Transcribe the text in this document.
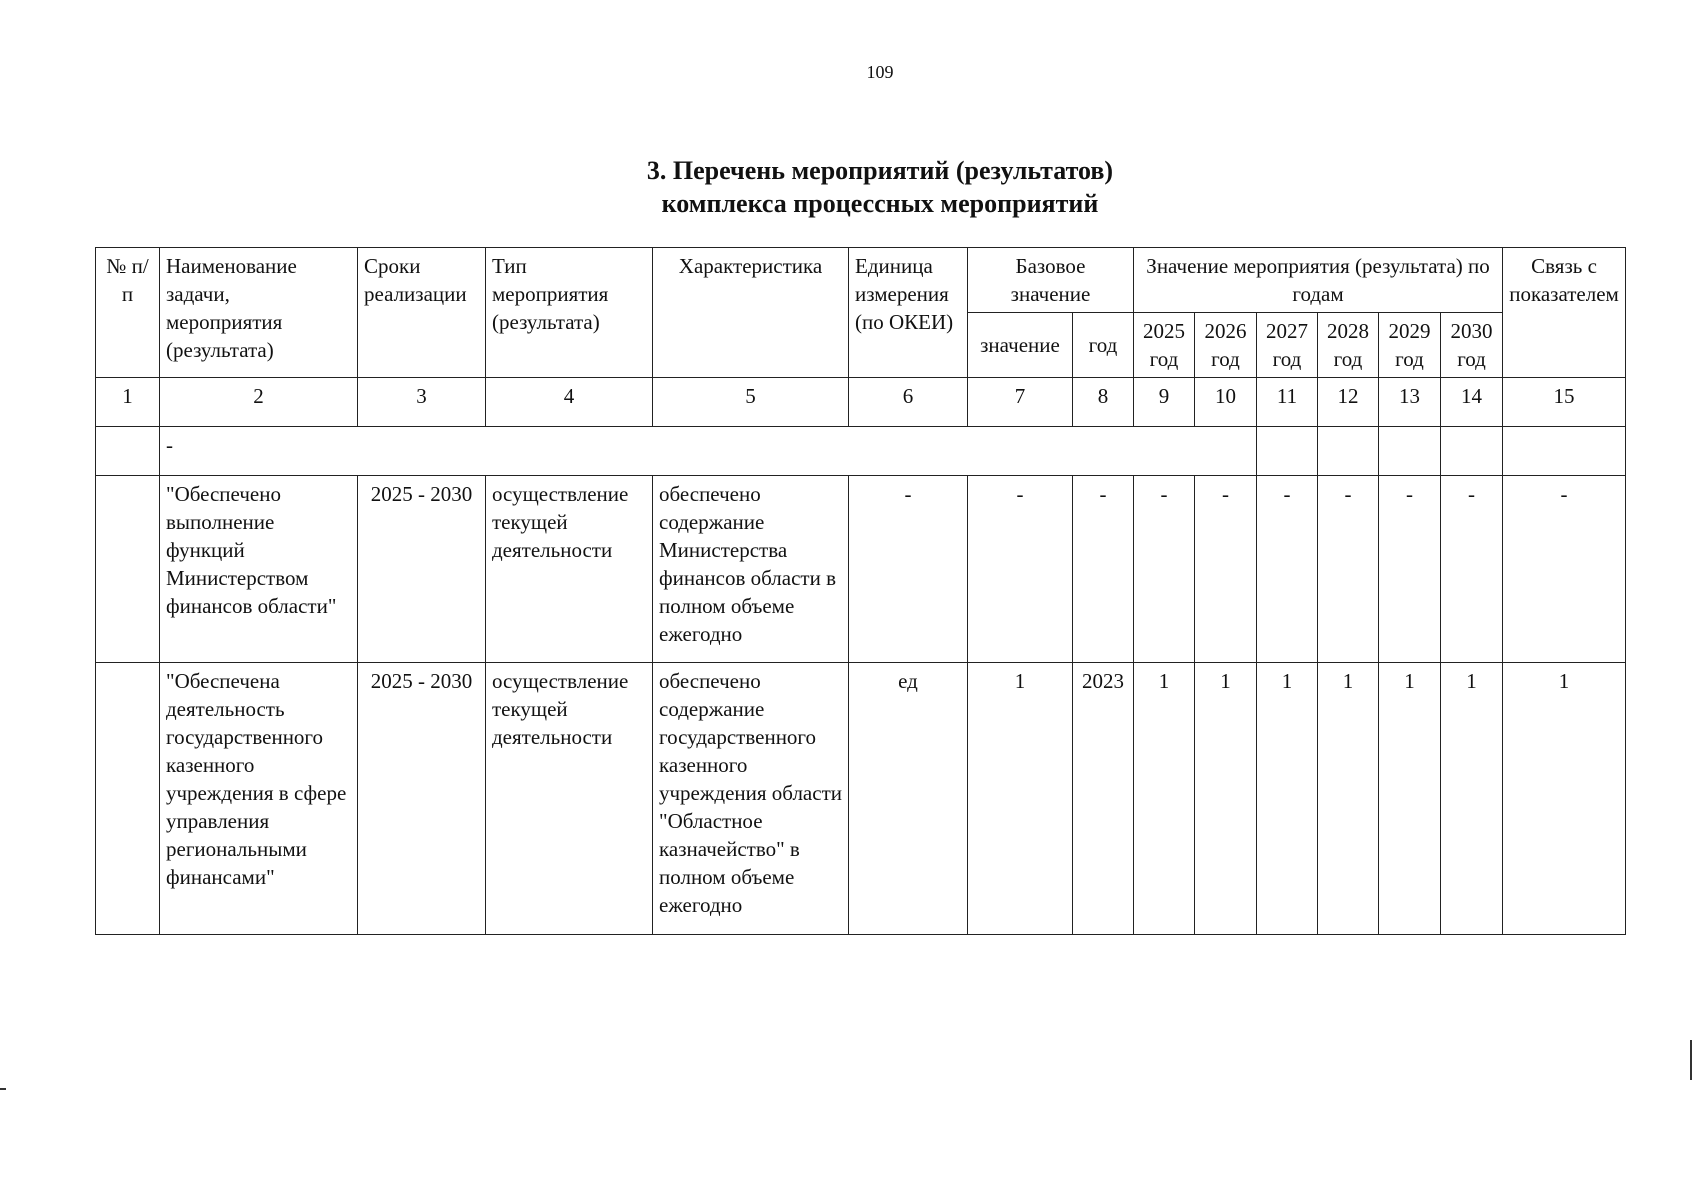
109
3. Перечень мероприятий (результатов)
комплекса процессных мероприятий
№ п/п	Наименование задачи, мероприятия (результата)	Сроки реализации	Тип мероприятия (результата)	Характеристика	Единица измерения (по ОКЕИ)	Базовое значение		Значение мероприятия (результата) по годам						Связь с показателем
						значение	год	2025 год	2026 год	2027 год	2028 год	2029 год	2030 год	

1	2	3	4	5	6	7	8	9	10	11	12	13	14	15
	-													
	"Обеспечено выполнение функций Министерством финансов области"	2025 - 2030	осуществление текущей деятельности	обеспечено содержание Министерства финансов области в полном объеме ежегодно	-	-	-	-	-	-	-	-	-	-
	"Обеспечена деятельность государственного казенного учреждения в сфере управления региональными финансами"	2025 - 2030	осуществление текущей деятельности	обеспечено содержание государственного казенного учреждения области "Областное казначейство" в полном объеме ежегодно	ед	1	2023	1	1	1	1	1	1	1
